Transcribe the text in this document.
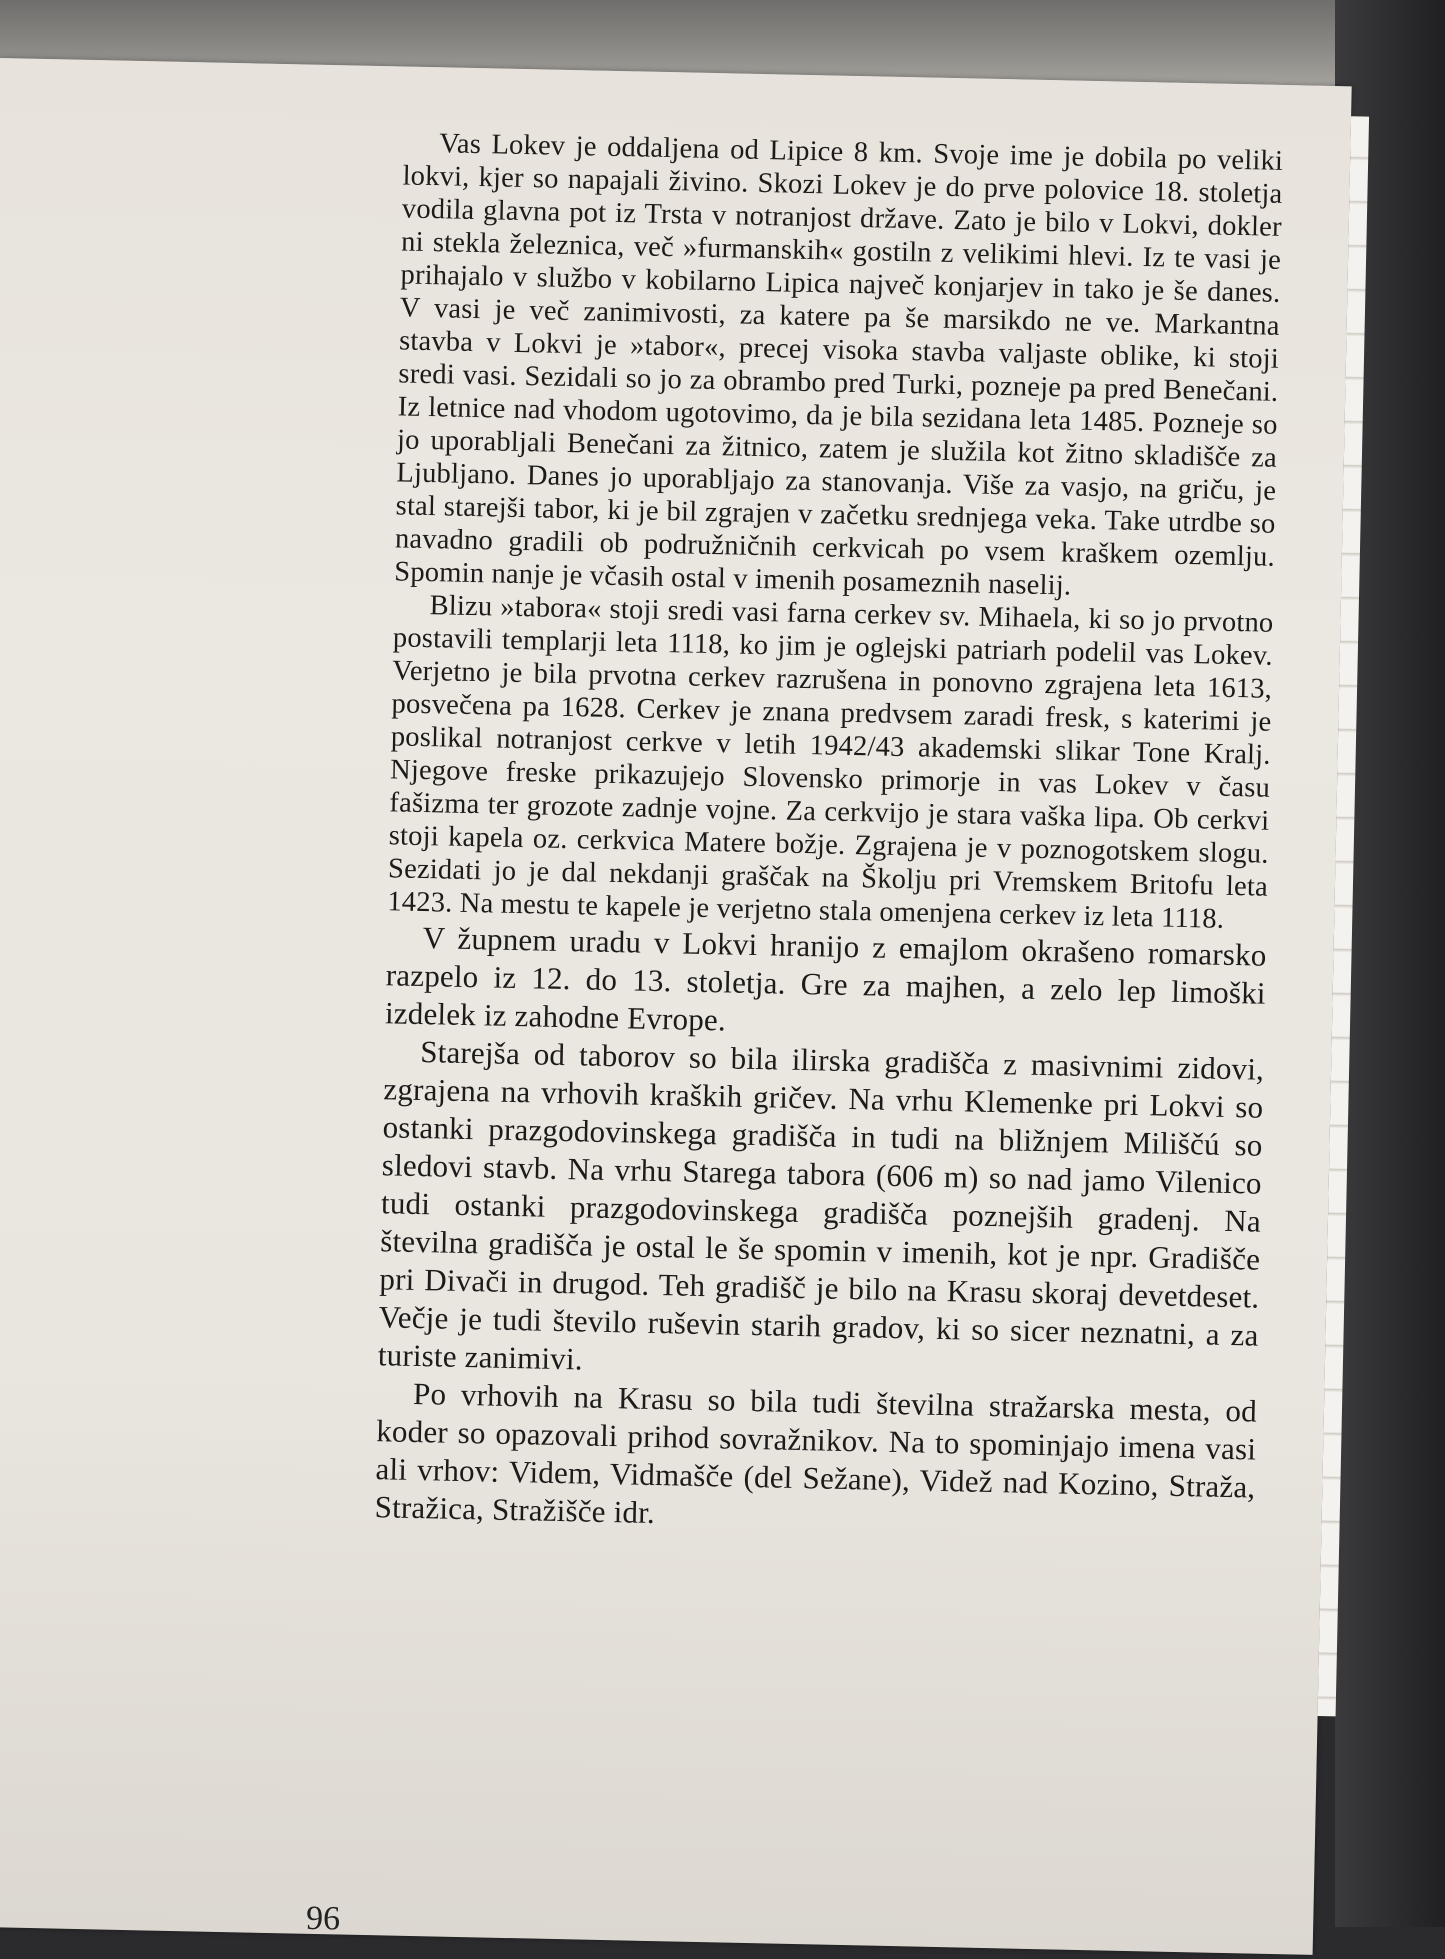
Vas Lokev je oddaljena od Lipice 8 km. Svoje ime je dobila po veliki lokvi, kjer so napajali živino. Skozi Lokev je do prve polovice 18. stoletja vodila glavna pot iz Trsta v notranjost države. Zato je bilo v Lokvi, dokler ni stekla železnica, več »furmanskih« gostiln z velikimi hlevi. Iz te vasi je prihajalo v službo v kobilarno Lipica največ konjarjev in tako je še danes. V vasi je več zanimivosti, za katere pa še marsikdo ne ve. Markantna stavba v Lokvi je »tabor«, precej visoka stavba valjaste oblike, ki stoji sredi vasi. Sezidali so jo za obrambo pred Turki, pozneje pa pred Benečani. Iz letnice nad vhodom ugotovimo, da je bila sezidana leta 1485. Pozneje so jo uporabljali Benečani za žitnico, zatem je služila kot žitno skladišče za Ljubljano. Danes jo uporabljajo za stanovanja. Više za vasjo, na griču, je stal starejši tabor, ki je bil zgrajen v začetku srednjega veka. Take utrdbe so navadno gradili ob podružničnih cerkvicah po vsem kraškem ozemlju. Spomin nanje je včasih ostal v imenih posameznih naselij.

Blizu »tabora« stoji sredi vasi farna cerkev sv. Mihaela, ki so jo prvotno postavili templarji leta 1118, ko jim je oglejski patriarh podelil vas Lokev. Verjetno je bila prvotna cerkev razrušena in ponovno zgrajena leta 1613, posvečena pa 1628. Cerkev je znana predvsem zaradi fresk, s katerimi je poslikal notranjost cerkve v letih 1942/43 akademski slikar Tone Kralj. Njegove freske prikazujejo Slovensko primorje in vas Lokev v času fašizma ter grozote zadnje vojne. Za cerkvijo je stara vaška lipa. Ob cerkvi stoji kapela oz. cerkvica Matere božje. Zgrajena je v poznogotskem slogu. Sezidati jo je dal nekdanji graščak na Školju pri Vremskem Britofu leta 1423. Na mestu te kapele je verjetno stala omenjena cerkev iz leta 1118.

V župnem uradu v Lokvi hranijo z emajlom okrašeno romarsko razpelo iz 12. do 13. stoletja. Gre za majhen, a zelo lep limoški izdelek iz zahodne Evrope.

Starejša od taborov so bila ilirska gradišča z masivnimi zidovi, zgrajena na vrhovih kraških gričev. Na vrhu Klemenke pri Lokvi so ostanki prazgodovinskega gradišča in tudi na bližnjem Miliščú so sledovi stavb. Na vrhu Starega tabora (606 m) so nad jamo Vilenico tudi ostanki prazgodovinskega gradišča poznejših gradenj. Na številna gradišča je ostal le še spomin v imenih, kot je npr. Gradišče pri Divači in drugod. Teh gradišč je bilo na Krasu skoraj devetdeset. Večje je tudi število ruševin starih gradov, ki so sicer neznatni, a za turiste zanimivi.

Po vrhovih na Krasu so bila tudi številna stražarska mesta, od koder so opazovali prihod sovražnikov. Na to spominjajo imena vasi ali vrhov: Videm, Vidmašče (del Sežane), Videž nad Kozino, Straža, Stražica, Stražišče idr.

96
